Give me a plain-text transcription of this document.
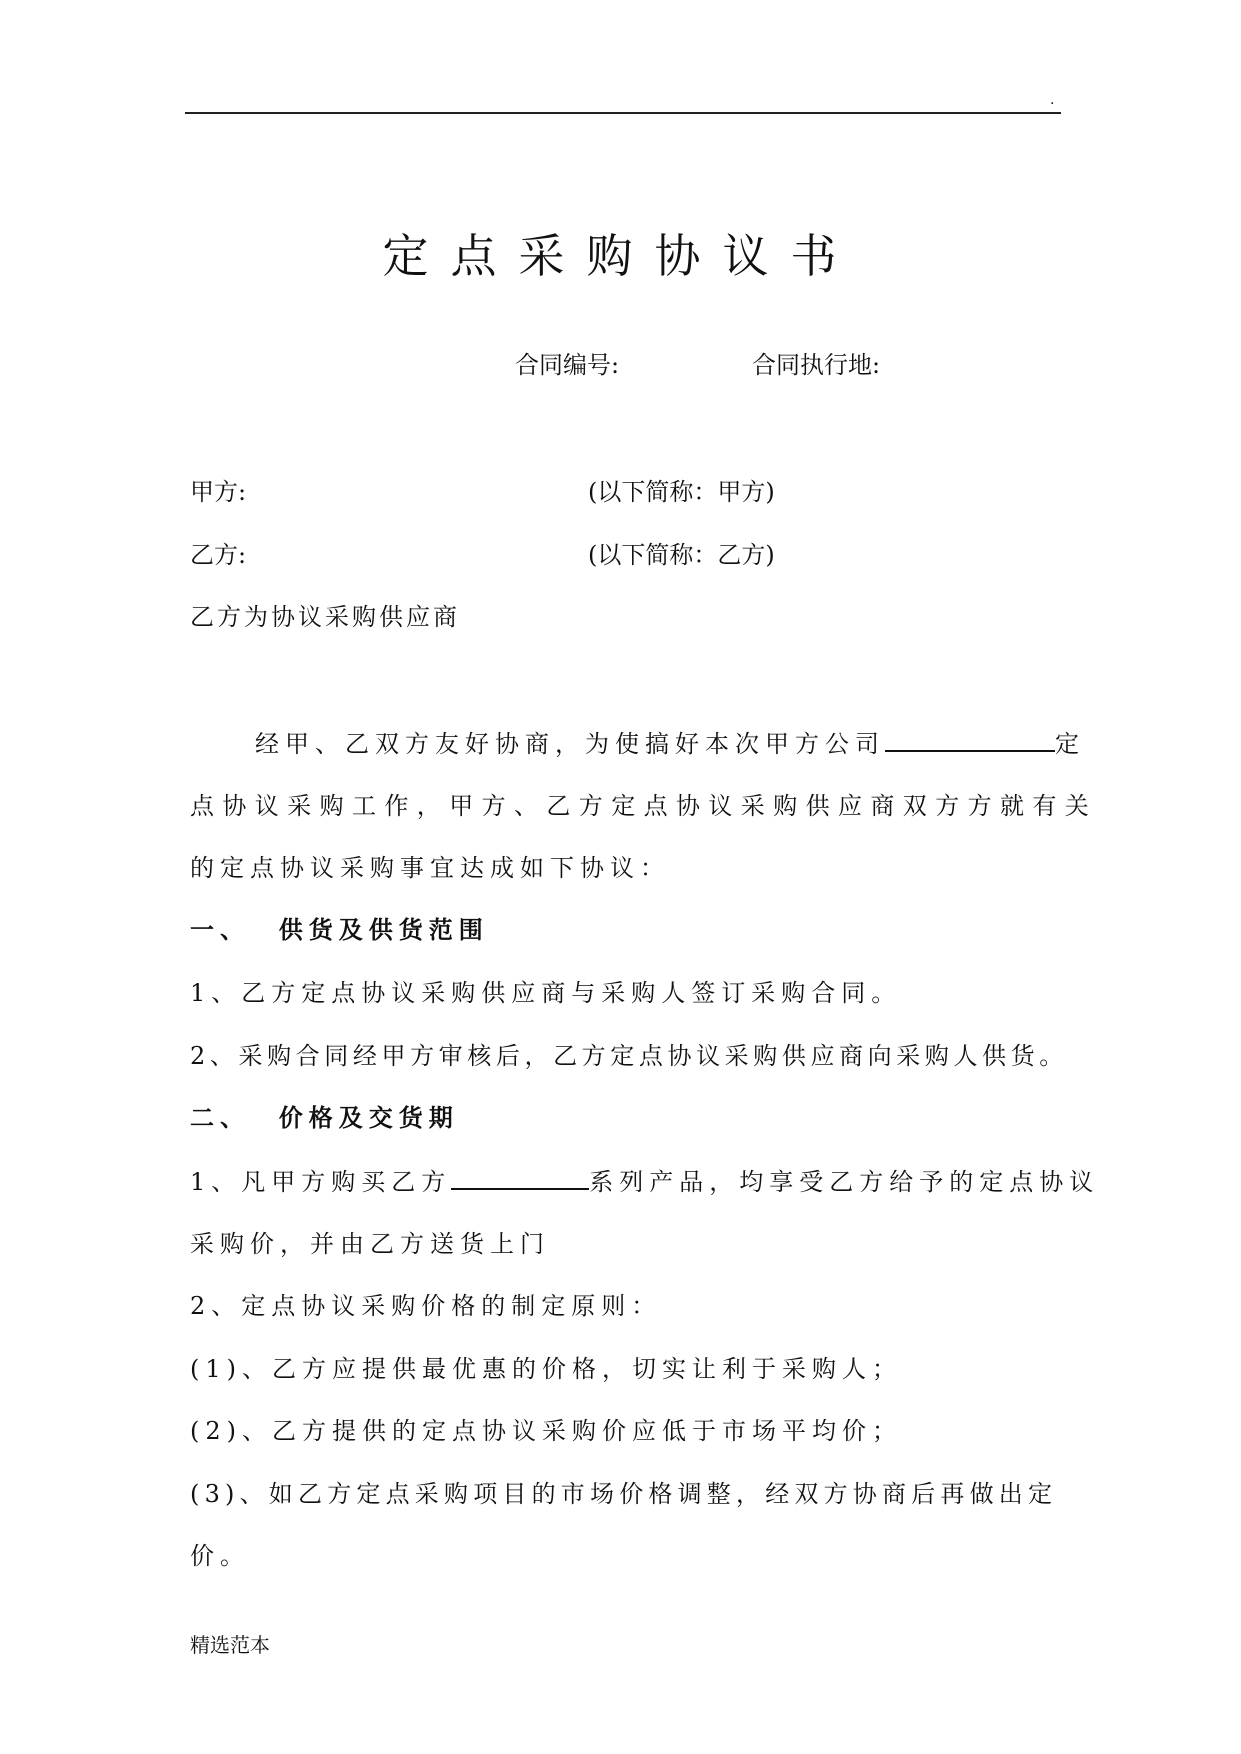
.
定点采购协议书
合同编号:	合同执行地:
甲方:	(以下简称：甲方)
乙方:	(以下简称：乙方)
乙方为协议采购供应商
经甲、乙双方友好协商，为使搞好本次甲方公司	定
点协议采购工作，甲方、乙方定点协议采购供应商双方方就有关
的定点协议采购事宜达成如下协议：
一、  供货及供货范围
1、乙方定点协议采购供应商与采购人签订采购合同。
2、采购合同经甲方审核后，乙方定点协议采购供应商向采购人供货。
二、  价格及交货期
1、凡甲方购买乙方	系列产品，均享受乙方给予的定点协议
采购价，并由乙方送货上门
2、定点协议采购价格的制定原则：
(1)、乙方应提供最优惠的价格，切实让利于采购人；
(2)、乙方提供的定点协议采购价应低于市场平均价；
(3)、如乙方定点采购项目的市场价格调整，经双方协商后再做出定
价。
精选范本
